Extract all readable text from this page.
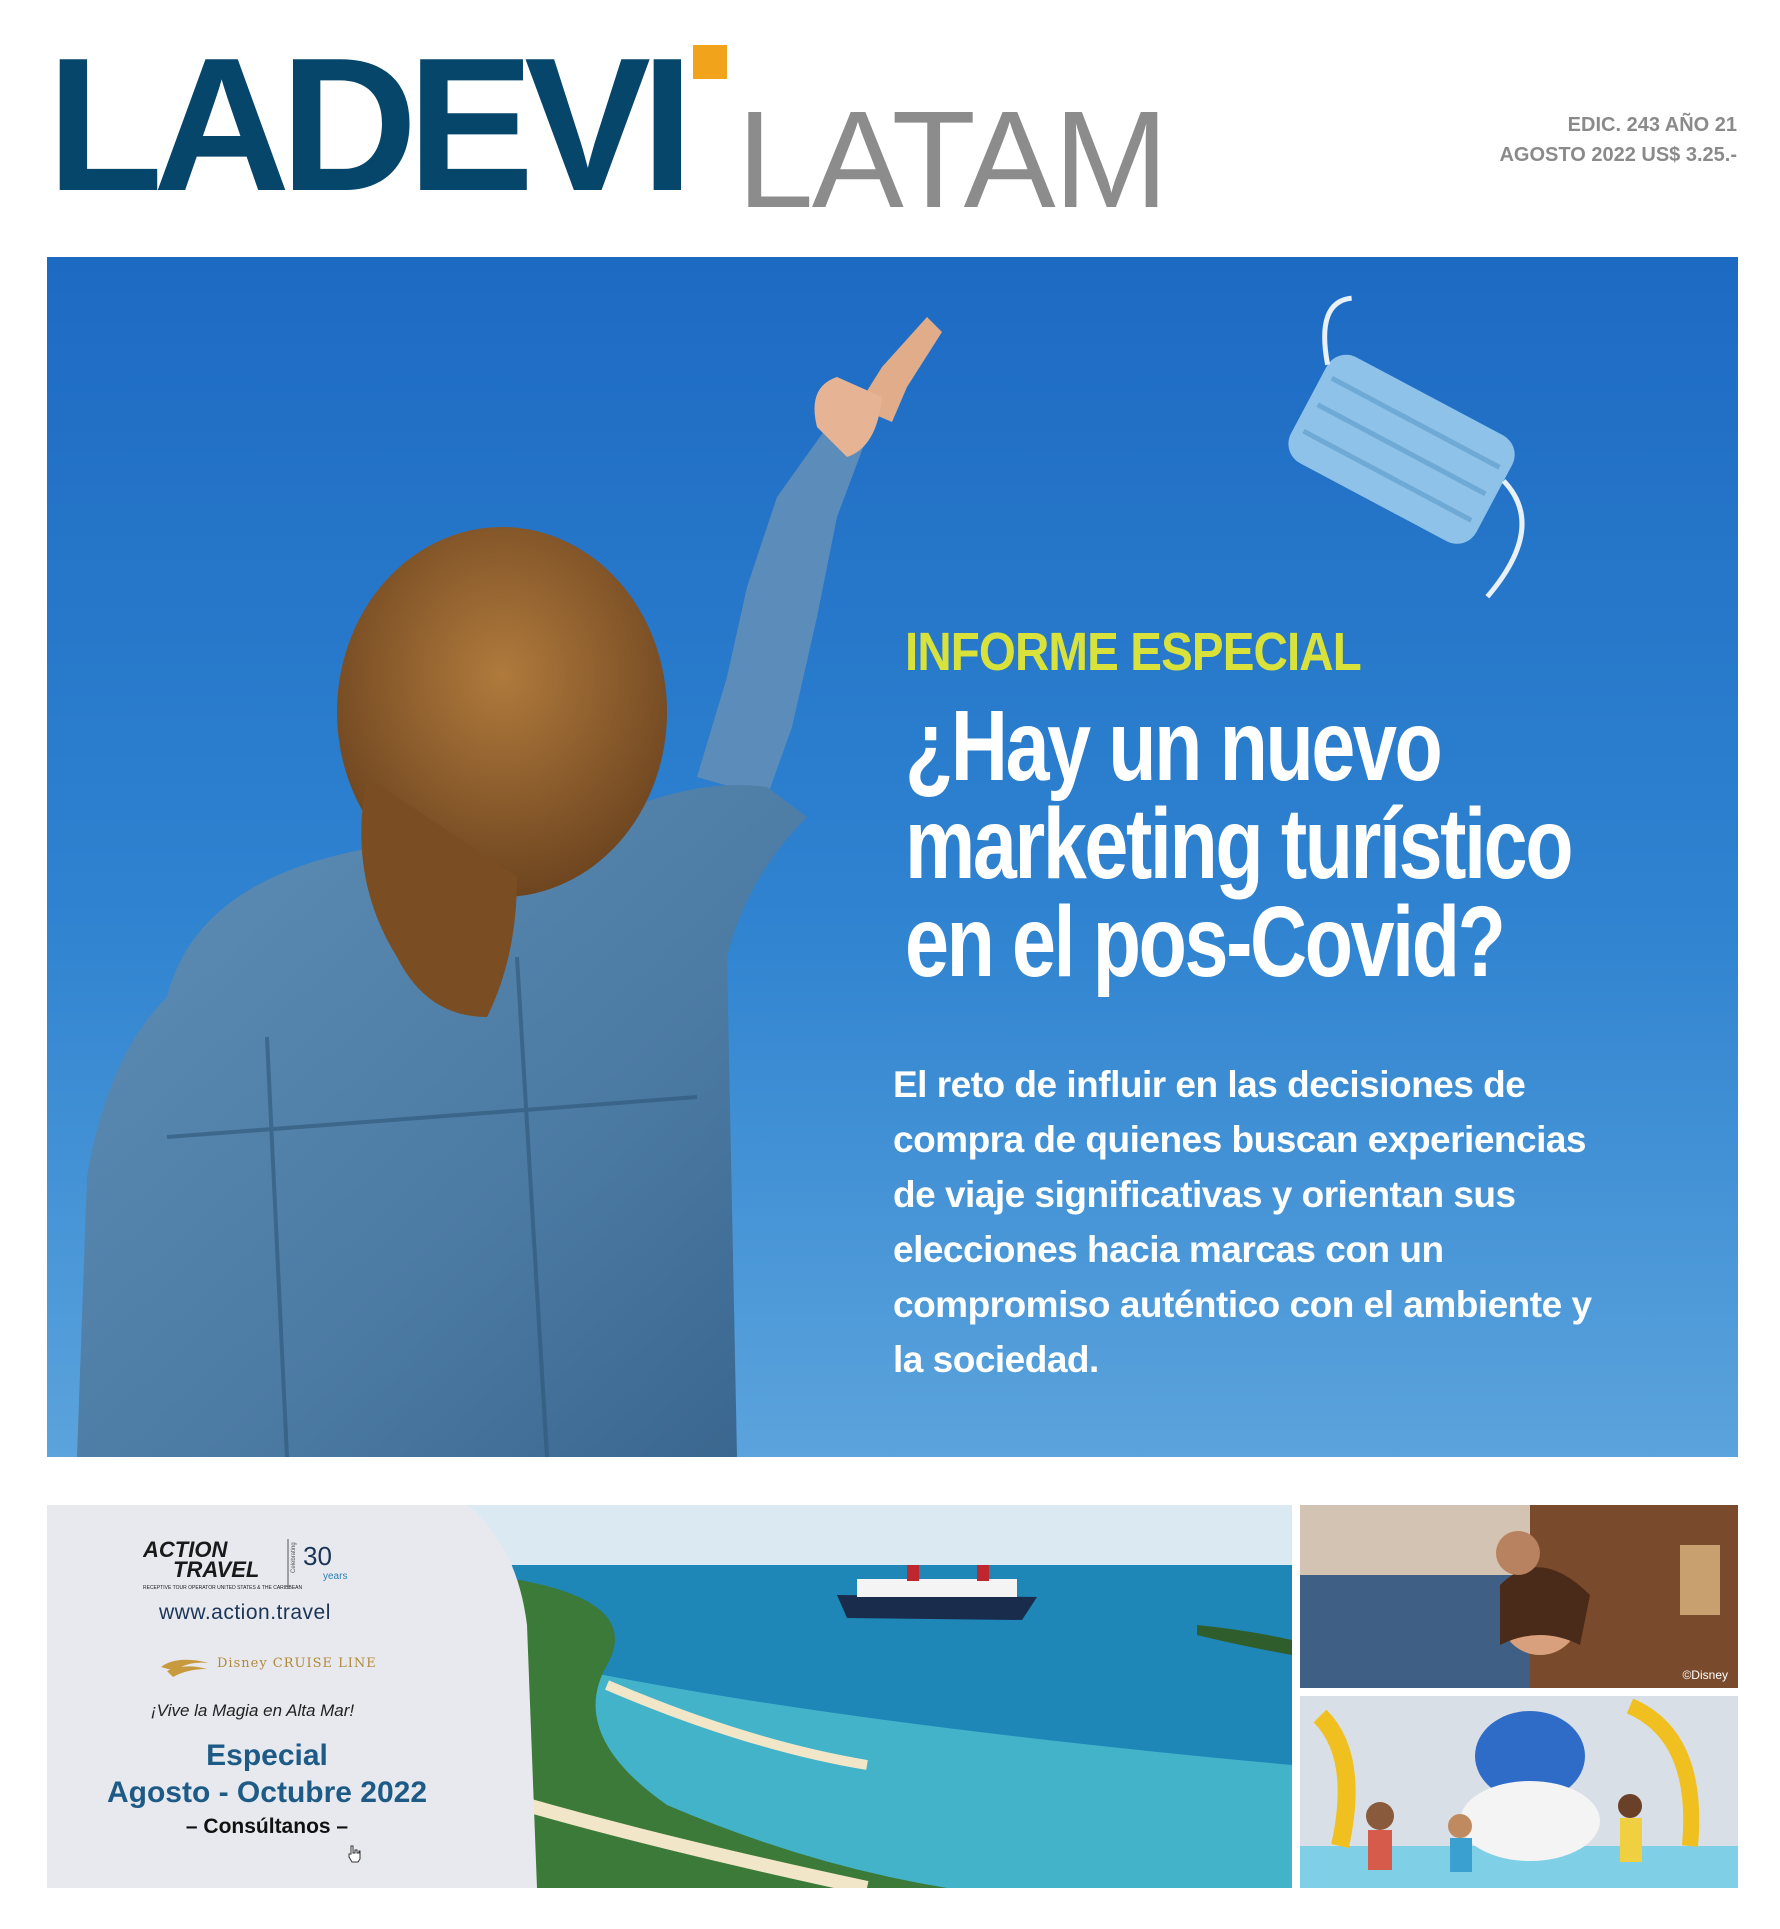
LADEVI LATAM	EDIC. 243 AÑO 21
AGOSTO 2022 US$ 3.25.-
INFORME ESPECIAL
¿Hay un nuevo
marketing turístico
en el pos-Covid?

El reto de influir en las decisiones de compra de quienes buscan experiencias de viaje significativas y orientan sus elecciones hacia marcas con un compromiso auténtico con el ambiente y la sociedad.

ACTION
TRAVEL
RECEPTIVE TOUR OPERATOR UNITED STATES & THE CARIBBEAN
Celebrating 30
years
www.action.travel
Disney CRUISE LINE
¡Vive la Magia en Alta Mar!
Especial
Agosto - Octubre 2022
– Consúltanos –
©Disney
